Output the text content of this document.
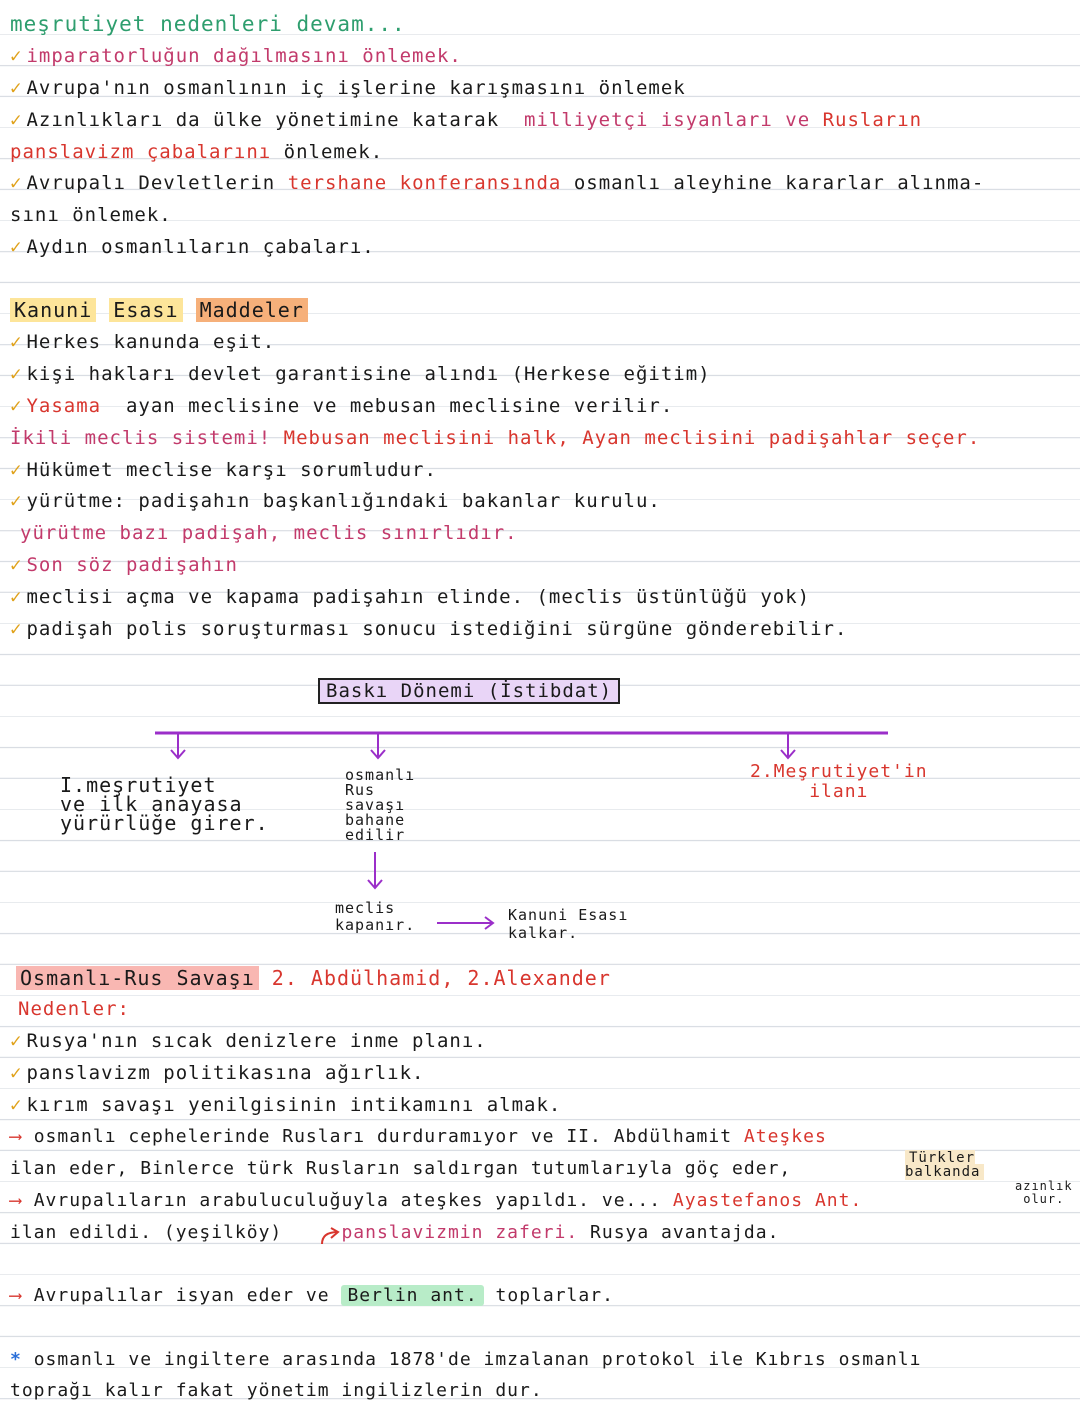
meşrutiyet nedenleri devam...
✓ imparatorluğun dağılmasını önlemek.
✓ Avrupa'nın osmanlının iç işlerine karışmasını önlemek
✓ Azınlıkları da ülke yönetimine katarak milliyetçi isyanları ve Rusların
panslavizm çabalarını önlemek.
✓ Avrupalı Devletlerin tershane konferansında osmanlı aleyhine kararlar alınma-
sını önlemek.
✓ Aydın osmanlıların çabaları.
Kanuni Esası Maddeler
✓ Herkes kanunda eşit.
✓ kişi hakları devlet garantisine alındı (Herkese eğitim)
✓ Yasama ayan meclisine ve mebusan meclisine verilir.
İkili meclis sistemi! Mebusan meclisini halk, Ayan meclisini padişahlar seçer.
✓ Hükümet meclise karşı sorumludur.
✓ yürütme: padişahın başkanlığındaki bakanlar kurulu.
yürütme bazı padişah, meclis sınırlıdır.
✓ Son söz padişahın
✓ meclisi açma ve kapama padişahın elinde. (meclis üstünlüğü yok)
✓ padişah polis soruşturması sonucu istediğini sürgüne gönderebilir.
Baskı Dönemi (İstibdat)
I.meşrutiyet
ve ilk anayasa
yürürlüğe girer.
osmanlı
Rus
savaşı
bahane
edilir
2.Meşrutiyet'in
ilanı
meclis
kapanır.
Kanuni Esası
kalkar.
Osmanlı-Rus Savaşı 2. Abdülhamid, 2.Alexander
Nedenler:
✓ Rusya'nın sıcak denizlere inme planı.
✓ panslavizm politikasına ağırlık.
✓ kırım savaşı yenilgisinin intikamını almak.
⟶ osmanlı cephelerinde Rusları durduramıyor ve II. Abdülhamit Ateşkes
ilan eder, Binlerce türk Rusların saldırgan tutumlarıyla göç eder,	Türkler
balkanda
⟶ Avrupalıların arabuluculuğuyla ateşkes yapıldı. ve... Ayastefanos Ant.
azınlık
olur.
ilan edildi. (yeşilköy)	panslavizmin zaferi. Rusya avantajda.
⟶ Avrupalılar isyan eder ve Berlin ant. toplarlar.
* osmanlı ve ingiltere arasında 1878'de imzalanan protokol ile Kıbrıs osmanlı
toprağı kalır fakat yönetim ingilizlerin dur.
